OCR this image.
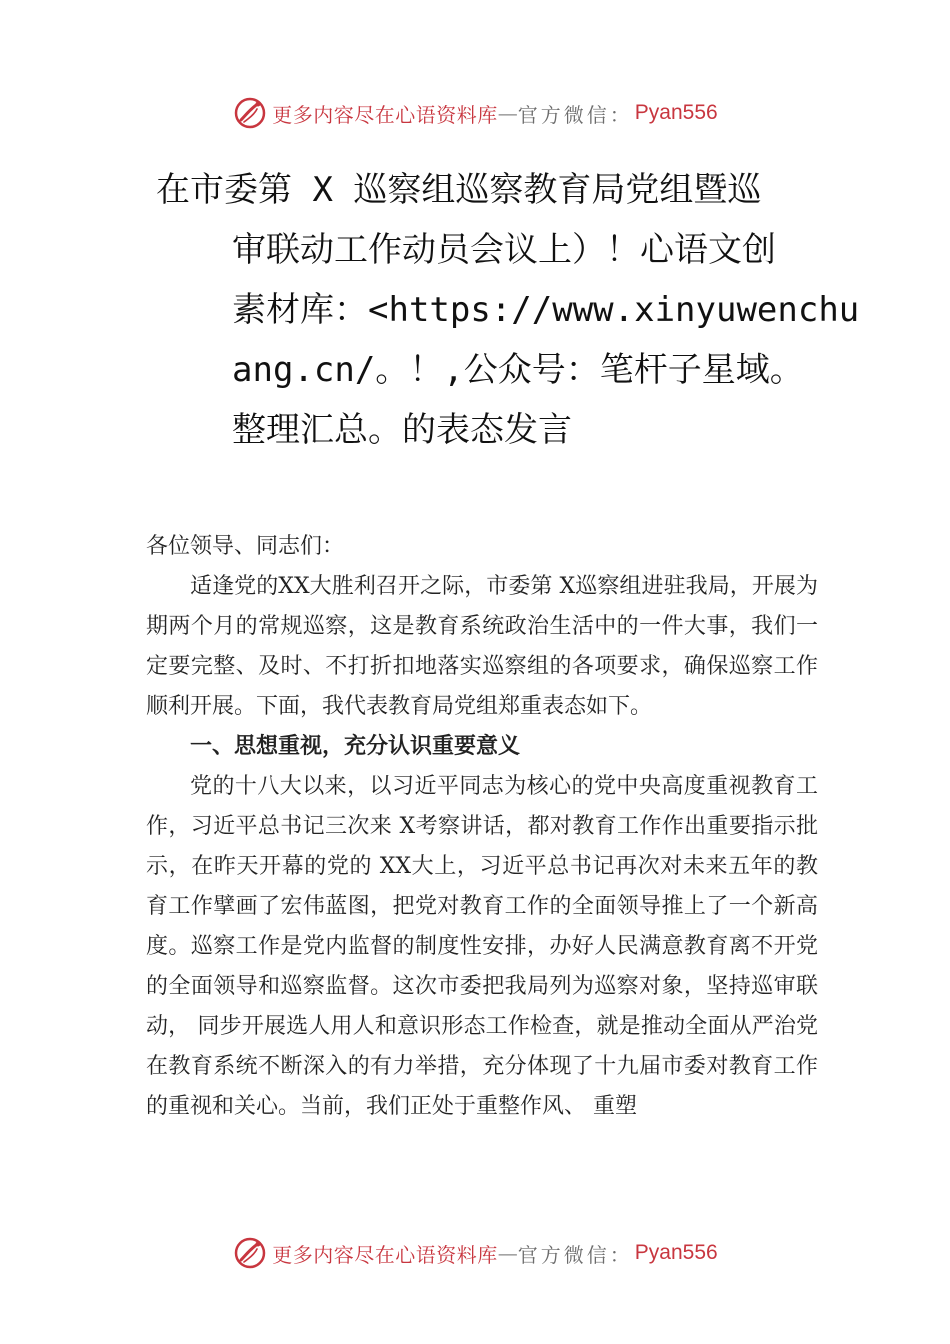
更多内容尽在心语资料库 — 官方微信： Pyan556
在市委第 X 巡察组巡察教育局党组暨巡
审联动工作动员会议上）！心语文创
素材库：<https://www.xinyuwenchu
ang.cn/。！,公众号：笔杆子星域。
整理汇总。的表态发言

各位领导、同志们：

适逢党的XX大胜利召开之际，市委第 X巡察组进驻我局，开展为期两个月的常规巡察，这是教育系统政治生活中的一件大事，我们一定要完整、及时、不打折扣地落实巡察组的各项要求，确保巡察工作顺利开展。下面，我代表教育局党组郑重表态如下。

一、思想重视，充分认识重要意义

党的十八大以来，以习近平同志为核心的党中央高度重视教育工作，习近平总书记三次来 X考察讲话，都对教育工作作出重要指示批示，在昨天开幕的党的 XX大上，习近平总书记再次对未来五年的教育工作擘画了宏伟蓝图，把党对教育工作的全面领导推上了一个新高度。巡察工作是党内监督的制度性安排，办好人民满意教育离不开党的全面领导和巡察监督。这次市委把我局列为巡察对象，坚持巡审联动， 同步开展选人用人和意识形态工作检查，就是推动全面从严治党在教育系统不断深入的有力举措，充分体现了十九届市委对教育工作的重视和关心。当前，我们正处于重整作风、 重塑

更多内容尽在心语资料库 — 官方微信： Pyan556
